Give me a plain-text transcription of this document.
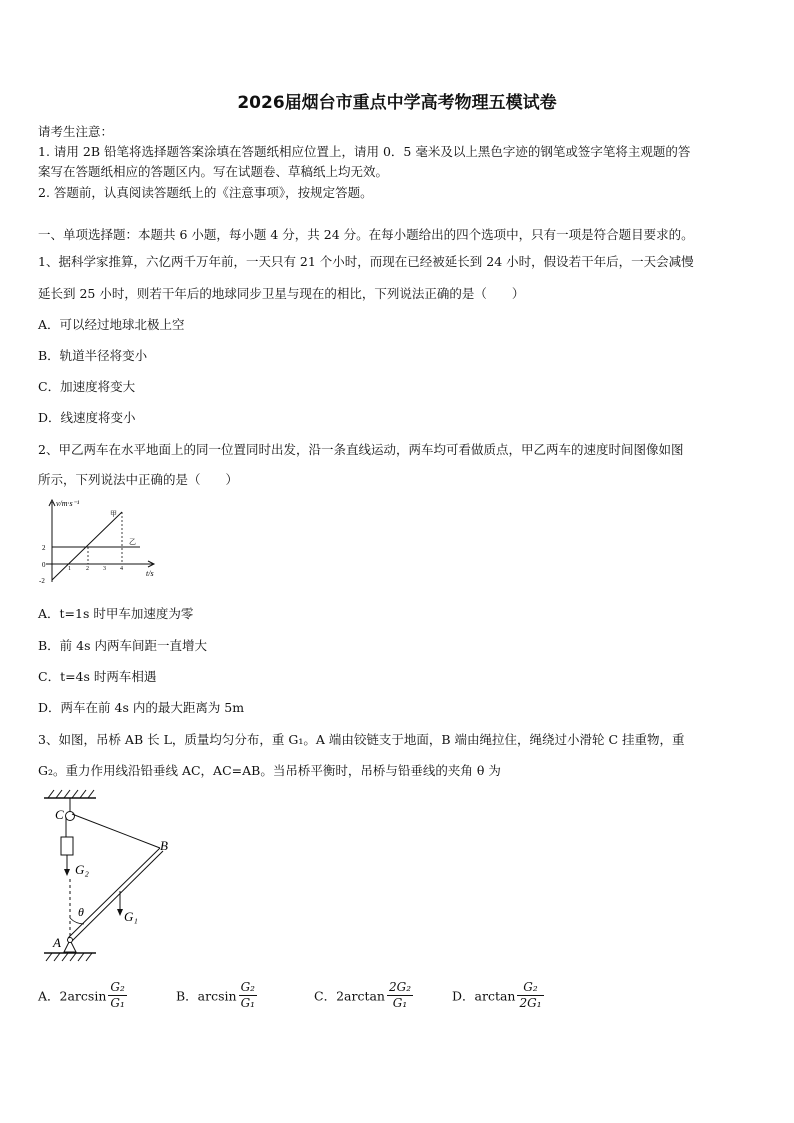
2026届烟台市重点中学高考物理五模试卷
请考生注意：
1. 请用 2B 铅笔将选择题答案涂填在答题纸相应位置上，请用 0．5 毫米及以上黑色字迹的钢笔或签字笔将主观题的答
案写在答题纸相应的答题区内。写在试题卷、草稿纸上均无效。
2. 答题前，认真阅读答题纸上的《注意事项》，按规定答题。
一、单项选择题：本题共 6 小题，每小题 4 分，共 24 分。在每小题给出的四个选项中，只有一项是符合题目要求的。
1、据科学家推算，六亿两千万年前，一天只有 21 个小时，而现在已经被延长到 24 小时，假设若干年后，一天会减慢
延长到 25 小时，则若干年后的地球同步卫星与现在的相比，下列说法正确的是（　　）
A．可以经过地球北极上空
B．轨道半径将变小
C．加速度将变大
D．线速度将变小
2、甲乙两车在水平地面上的同一位置同时出发，沿一条直线运动，两车均可看做质点，甲乙两车的速度时间图像如图
所示，下列说法中正确的是（　　）
v/m·s⁻¹
t/s
甲
乙
2
0
-2
1	2 3 4
A．t=1s 时甲车加速度为零
B．前 4s 内两车间距一直增大
C．t=4s 时两车相遇
D．两车在前 4s 内的最大距离为 5m
3、如图，吊桥 AB 长 L，质量均匀分布，重 G₁。A 端由铰链支于地面，B 端由绳拉住，绳绕过小滑轮 C 挂重物，重
G₂。重力作用线沿铅垂线 AC，AC=AB。当吊桥平衡时，吊桥与铅垂线的夹角 θ 为
C
B
A
G₂
G₁
θ
A．$2\arcsin \frac{\text{G₂}}{\text{G₁}}$	B．$\arcsin \frac{\text{G₂}}{\text{G₁}}$	C．$2\arctan \frac{\text{2G₂}}{\text{G₁}}$	D．$\arctan \frac{\text{G₂}}{\text{2G₁}}$
